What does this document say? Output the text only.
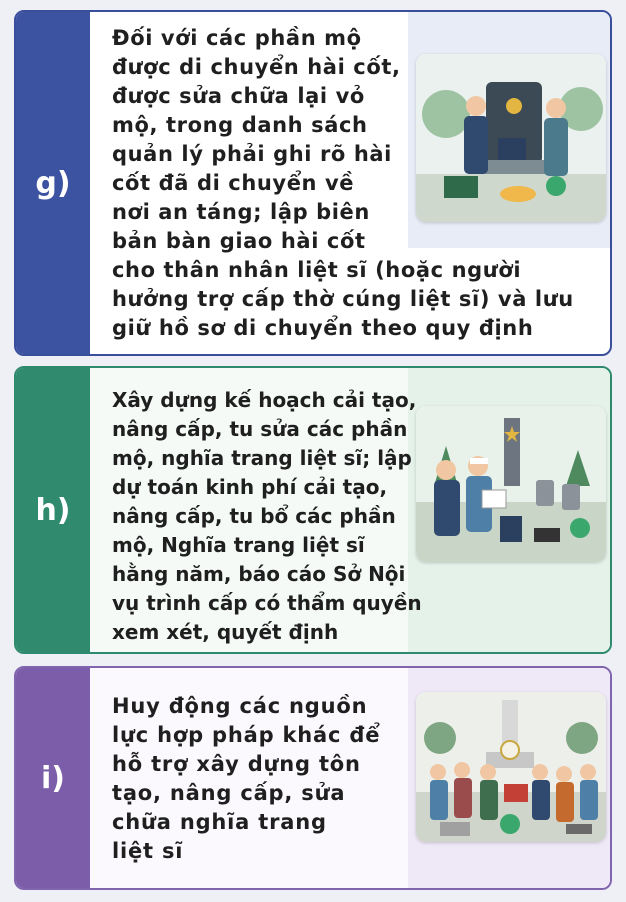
g)
Đối với các phần mộ
được di chuyển hài cốt,
được sửa chữa lại vỏ
mộ, trong danh sách
quản lý phải ghi rõ hài
cốt đã di chuyển về
nơi an táng; lập biên
bản bàn giao hài cốt
cho thân nhân liệt sĩ (hoặc người
hưởng trợ cấp thờ cúng liệt sĩ) và lưu
giữ hồ sơ di chuyển theo quy định
h)
Xây dựng kế hoạch cải tạo,
nâng cấp, tu sửa các phần
mộ, nghĩa trang liệt sĩ; lập
dự toán kinh phí cải tạo,
nâng cấp, tu bổ các phần
mộ, Nghĩa trang liệt sĩ
hằng năm, báo cáo Sở Nội
vụ trình cấp có thẩm quyền
xem xét, quyết định
i)
Huy động các nguồn
lực hợp pháp khác để
hỗ trợ xây dựng tôn
tạo, nâng cấp, sửa
chữa nghĩa trang
liệt sĩ
